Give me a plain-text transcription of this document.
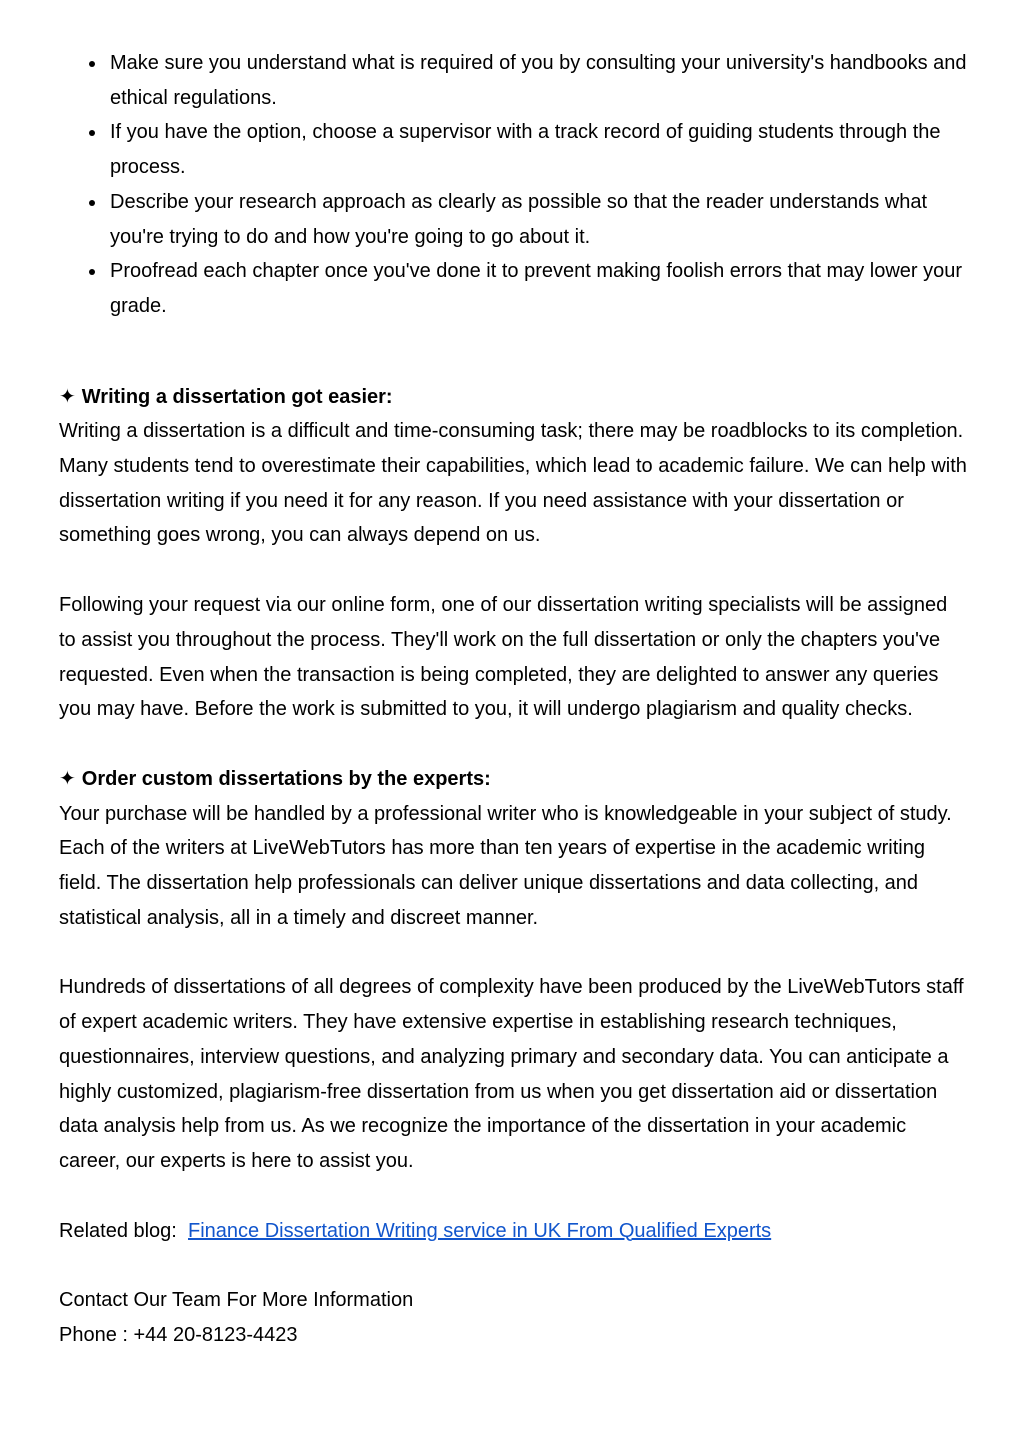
Make sure you understand what is required of you by consulting your university's handbooks and ethical regulations.
If you have the option, choose a supervisor with a track record of guiding students through the process.
Describe your research approach as clearly as possible so that the reader understands what you're trying to do and how you're going to go about it.
Proofread each chapter once you've done it to prevent making foolish errors that may lower your grade.

✦ Writing a dissertation got easier:

Writing a dissertation is a difficult and time-consuming task; there may be roadblocks to its completion. Many students tend to overestimate their capabilities, which lead to academic failure. We can help with dissertation writing if you need it for any reason. If you need assistance with your dissertation or something goes wrong, you can always depend on us.

Following your request via our online form, one of our dissertation writing specialists will be assigned to assist you throughout the process. They'll work on the full dissertation or only the chapters you've requested. Even when the transaction is being completed, they are delighted to answer any queries you may have. Before the work is submitted to you, it will undergo plagiarism and quality checks.

✦ Order custom dissertations by the experts:

Your purchase will be handled by a professional writer who is knowledgeable in your subject of study. Each of the writers at LiveWebTutors has more than ten years of expertise in the academic writing field. The dissertation help professionals can deliver unique dissertations and data collecting, and statistical analysis, all in a timely and discreet manner.

Hundreds of dissertations of all degrees of complexity have been produced by the LiveWebTutors staff of expert academic writers. They have extensive expertise in establishing research techniques, questionnaires, interview questions, and analyzing primary and secondary data. You can anticipate a highly customized, plagiarism-free dissertation from us when you get dissertation aid or dissertation data analysis help from us. As we recognize the importance of the dissertation in your academic career, our experts is here to assist you.

Related blog: Finance Dissertation Writing service in UK From Qualified Experts

Contact Our Team For More Information

Phone : +44 20-8123-4423
